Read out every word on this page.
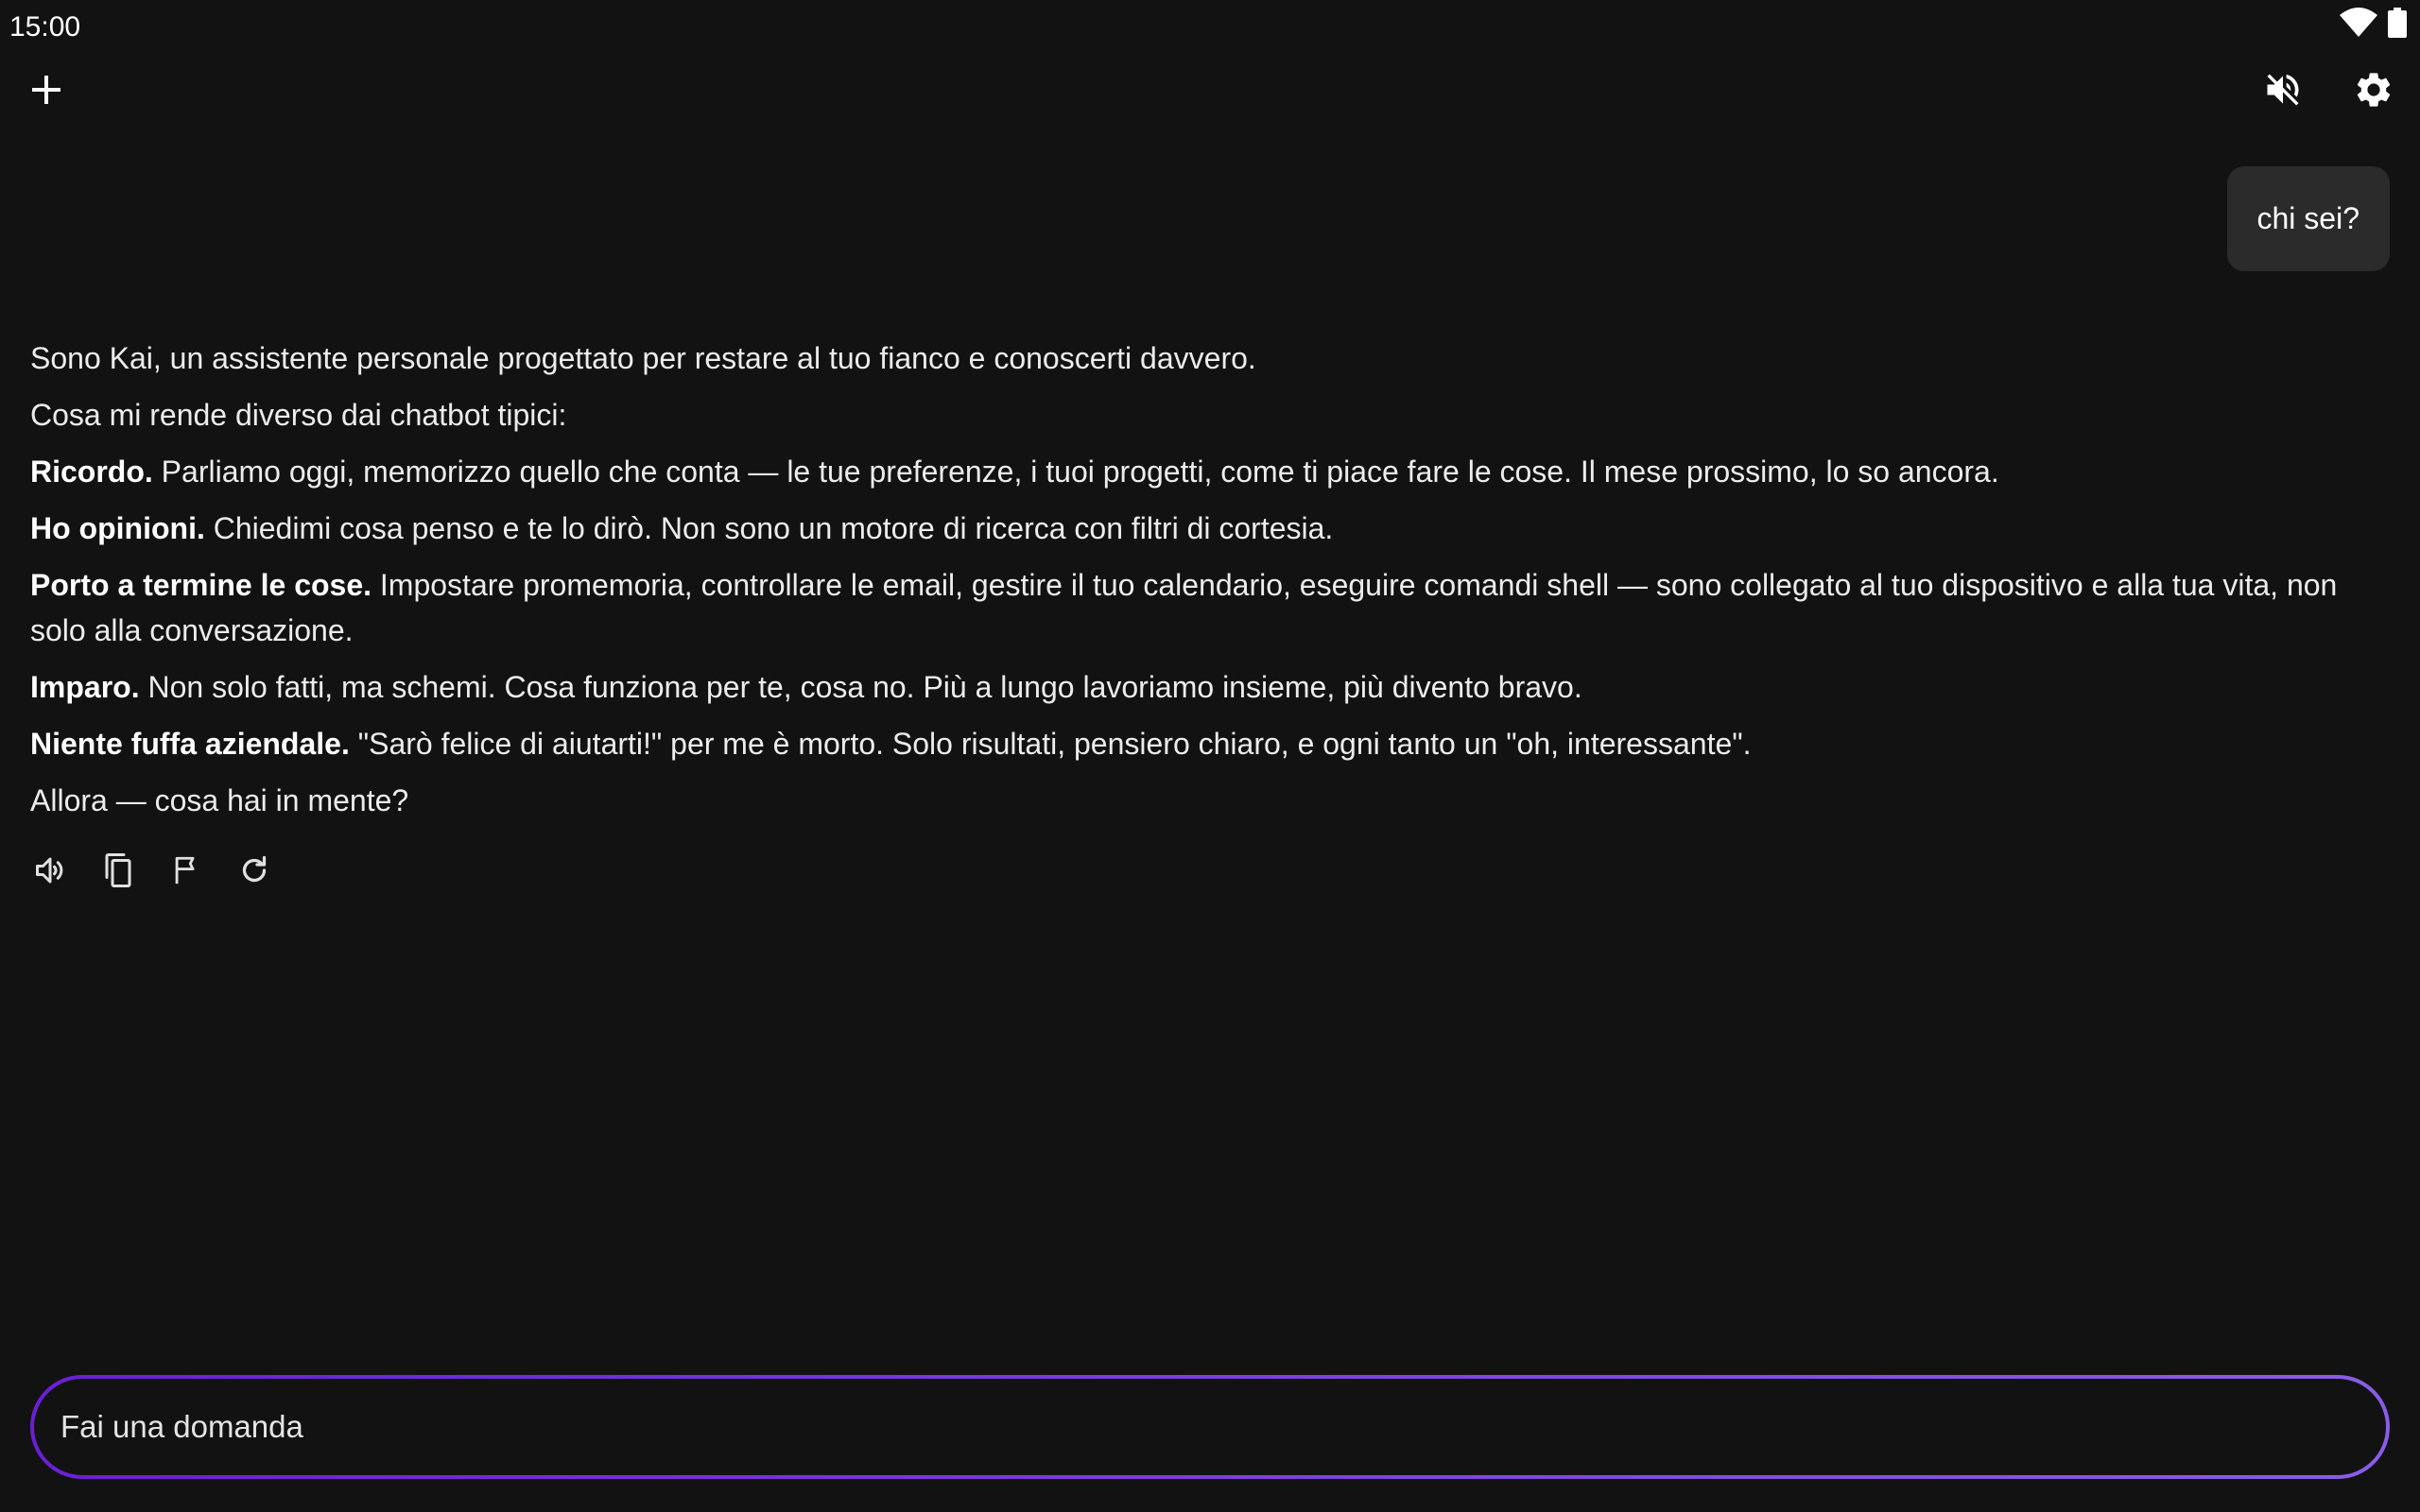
15:00
chi sei?

Sono Kai, un assistente personale progettato per restare al tuo fianco e conoscerti davvero.

Cosa mi rende diverso dai chatbot tipici:

Ricordo. Parliamo oggi, memorizzo quello che conta — le tue preferenze, i tuoi progetti, come ti piace fare le cose. Il mese prossimo, lo so ancora.

Ho opinioni. Chiedimi cosa penso e te lo dirò. Non sono un motore di ricerca con filtri di cortesia.

Porto a termine le cose. Impostare promemoria, controllare le email, gestire il tuo calendario, eseguire comandi shell — sono collegato al tuo dispositivo e alla tua vita, non solo alla conversazione.

Imparo. Non solo fatti, ma schemi. Cosa funziona per te, cosa no. Più a lungo lavoriamo insieme, più divento bravo.

Niente fuffa aziendale. "Sarò felice di aiutarti!" per me è morto. Solo risultati, pensiero chiaro, e ogni tanto un "oh, interessante".

Allora — cosa hai in mente?

Fai una domanda
